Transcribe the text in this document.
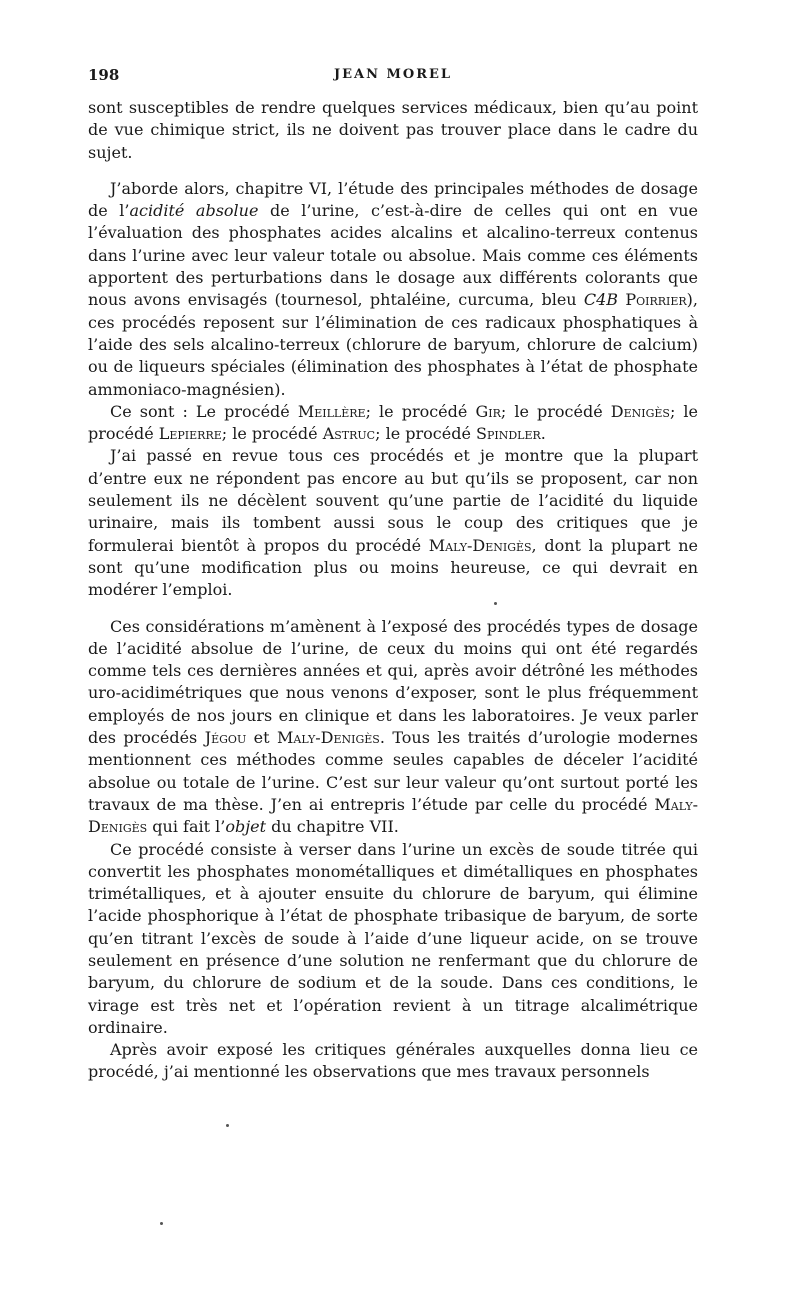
198	JEAN MOREL

sont susceptibles de rendre quelques services médicaux, bien qu’au point de vue chimique strict, ils ne doivent pas trouver place dans le cadre du sujet.

J’aborde alors, chapitre VI, l’étude des principales méthodes de dosage de l’acidité absolue de l’urine, c’est-à-dire de celles qui ont en vue l’évaluation des phosphates acides alcalins et alcalino-terreux contenus dans l’urine avec leur valeur totale ou absolue. Mais comme ces éléments apportent des perturbations dans le dosage aux différents colorants que nous avons envisagés (tournesol, phtaléine, curcuma, bleu C4B Poirrier), ces procédés reposent sur l’élimination de ces radicaux phosphatiques à l’aide des sels alcalino-terreux (chlorure de baryum, chlorure de calcium) ou de liqueurs spéciales (élimination des phosphates à l’état de phosphate ammoniaco-magnésien).

Ce sont : Le procédé Meillère; le procédé Gir; le procédé Denigès; le procédé Lepierre; le procédé Astruc; le procédé Spindler.

J’ai passé en revue tous ces procédés et je montre que la plupart d’entre eux ne répondent pas encore au but qu’ils se proposent, car non seulement ils ne décèlent souvent qu’une partie de l’acidité du liquide urinaire, mais ils tombent aussi sous le coup des critiques que je formulerai bientôt à propos du procédé Maly-Denigès, dont la plupart ne sont qu’une modification plus ou moins heureuse, ce qui devrait en modérer l’emploi.

Ces considérations m’amènent à l’exposé des procédés types de dosage de l’acidité absolue de l’urine, de ceux du moins qui ont été regardés comme tels ces dernières années et qui, après avoir détrôné les méthodes uro-acidimétriques que nous venons d’exposer, sont le plus fréquemment employés de nos jours en clinique et dans les laboratoires. Je veux parler des procédés Jégou et Maly-Denigès. Tous les traités d’urologie modernes mentionnent ces méthodes comme seules capables de déceler l’acidité absolue ou totale de l’urine. C’est sur leur valeur qu’ont surtout porté les travaux de ma thèse. J’en ai entrepris l’étude par celle du procédé Maly-Denigès qui fait l’objet du chapitre VII.

Ce procédé consiste à verser dans l’urine un excès de soude titrée qui convertit les phosphates monométalliques et dimétalliques en phosphates trimétalliques, et à ajouter ensuite du chlorure de baryum, qui élimine l’acide phosphorique à l’état de phosphate tribasique de baryum, de sorte qu’en titrant l’excès de soude à l’aide d’une liqueur acide, on se trouve seulement en présence d’une solution ne renfermant que du chlorure de baryum, du chlorure de sodium et de la soude. Dans ces conditions, le virage est très net et l’opération revient à un titrage alcalimétrique ordinaire.

Après avoir exposé les critiques générales auxquelles donna lieu ce procédé, j’ai mentionné les observations que mes travaux personnels
